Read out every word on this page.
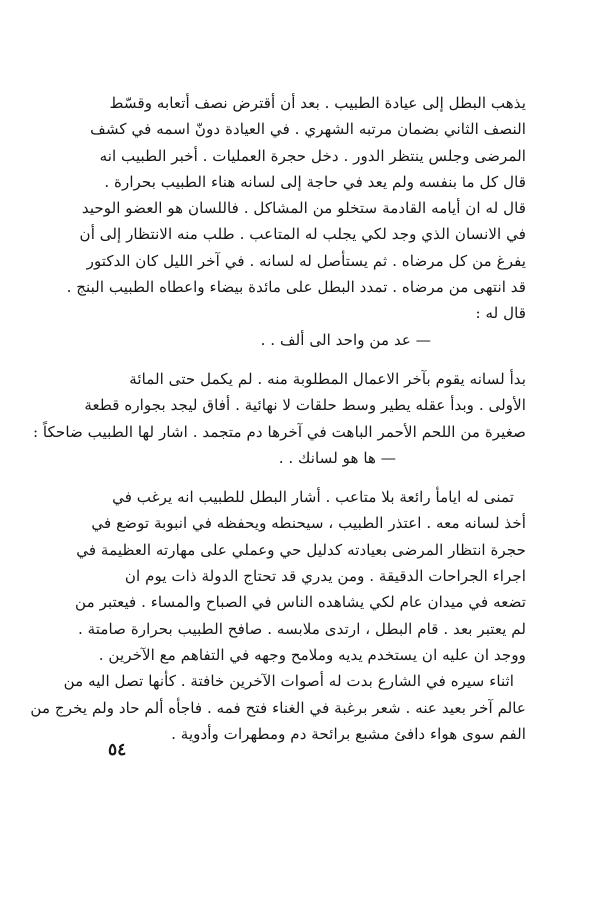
يذهب البطل إلى عيادة الطبيب . بعد أن أقترض نصف أتعابه وقسّط
النصف الثاني بضمان مرتبه الشهري . في العيادة دونّ اسمه في كشف
المرضى وجلس ينتظر الدور . دخل حجرة العمليات . أخبر الطبيب انه
قال كل ما بنفسه ولم يعد في حاجة إلى لسانه هناء الطبيب بحرارة .
قال له ان أيامه القادمة ستخلو من المشاكل . فاللسان هو العضو الوحيد
في الانسان الذي وجد لكي يجلب له المتاعب . طلب منه الانتظار إلى أن
يفرغ من كل مرضاه . ثم يستأصل له لسانه . في آخر الليل كان الدكتور
قد انتهى من مرضاه . تمدد البطل على مائدة بيضاء واعطاه الطبيب البنج .
قال له :
— عد من واحد الى ألف . .
بدأ لسانه يقوم بآخر الاعمال المطلوبة منه . لم يكمل حتى المائة
الأولى . وبدأ عقله يطير وسط حلقات لا نهائية . أفاق ليجد بجواره قطعة
صغيرة من اللحم الأحمر الباهت في آخرها دم متجمد . اشار لها الطبيب ضاحكاً :
— ها هو لسانك . .
تمنى له ايامأ رائعة بلا متاعب . أشار البطل للطبيب انه يرغب في
أخذ لسانه معه . اعتذر الطبيب ، سيحنطه ويحفظه في انبوبة توضع في
حجرة انتظار المرضى بعيادته كدليل حي وعملي على مهارته العظيمة في
اجراء الجراحات الدقيقة . ومن يدري قد تحتاج الدولة ذات يوم ان
تضعه في ميدان عام لكي يشاهده الناس في الصباح والمساء . فيعتبر من
لم يعتبر بعد . قام البطل ، ارتدى ملابسه . صافح الطبيب بحرارة صامتة .
ووجد ان عليه ان يستخدم يديه وملامح وجهه في التفاهم مع الآخرين .
اثناء سيره في الشارع بدت له أصوات الآخرين خافتة . كأنها تصل اليه من
عالم آخر بعيد عنه . شعر برغبة في الغناء فتح فمه . فاجأه ألم حاد ولم يخرج من
الفم سوى هواء دافئ مشبع برائحة دم ومطهرات وأدوية .
٥٤
